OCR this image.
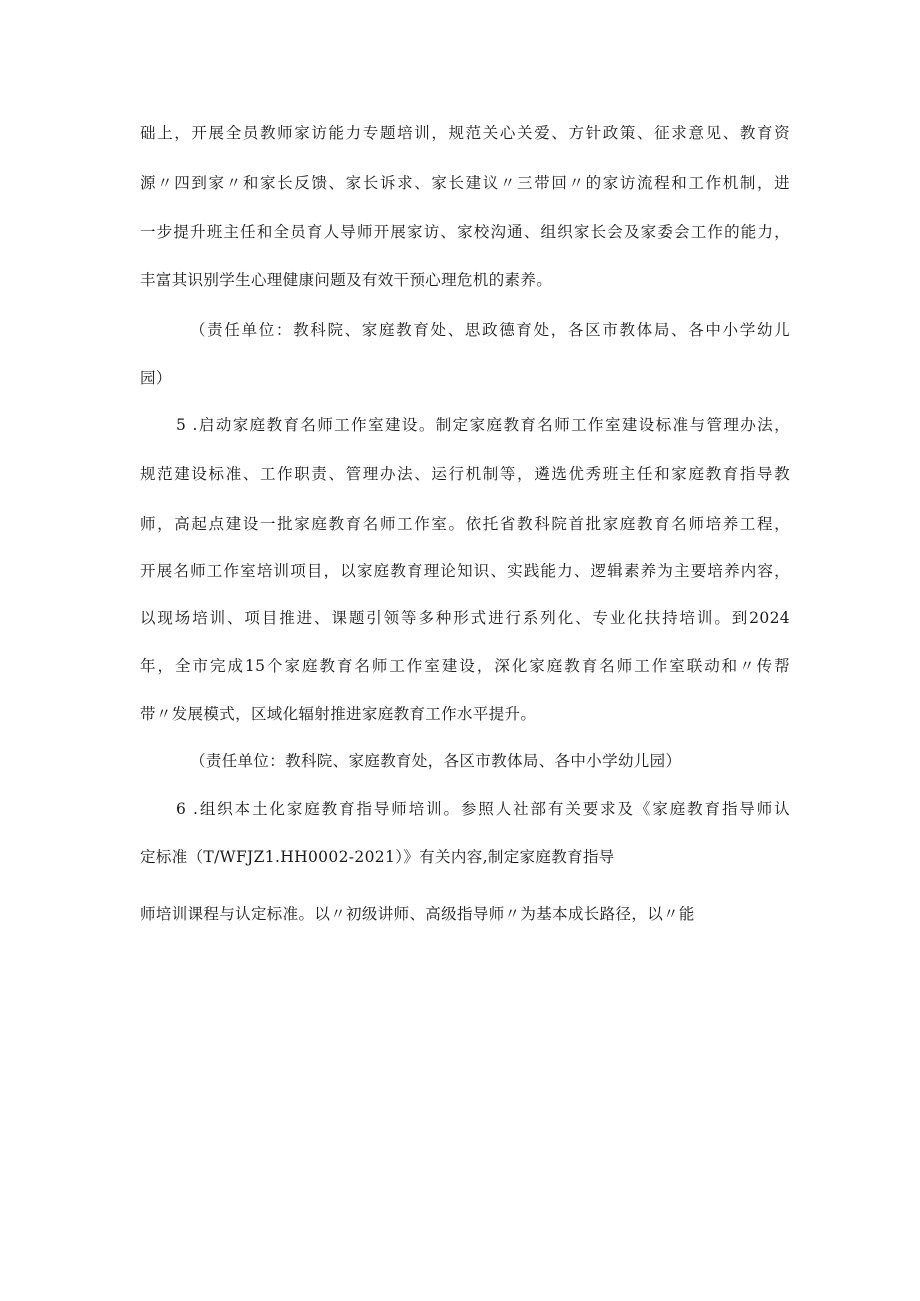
础上，开展全员教师家访能力专题培训，规范关心关爱、方针政策、征求意见、教育资
源〃四到家〃和家长反馈、家长诉求、家长建议〃三带回〃的家访流程和工作机制，进
一步提升班主任和全员育人导师开展家访、家校沟通、组织家长会及家委会工作的能力，
丰富其识别学生心理健康问题及有效干预心理危机的素养。
（责任单位：教科院、家庭教育处、思政德育处，各区市教体局、各中小学幼儿
园）
5 .启动家庭教育名师工作室建设。制定家庭教育名师工作室建设标准与管理办法，
规范建设标准、工作职责、管理办法、运行机制等，遴选优秀班主任和家庭教育指导教
师，高起点建设一批家庭教育名师工作室。依托省教科院首批家庭教育名师培养工程，
开展名师工作室培训项目，以家庭教育理论知识、实践能力、逻辑素养为主要培养内容，
以现场培训、项目推进、课题引领等多种形式进行系列化、专业化扶持培训。到2024
年，全市完成15个家庭教育名师工作室建设，深化家庭教育名师工作室联动和〃传帮
带〃发展模式，区域化辐射推进家庭教育工作水平提升。
（责任单位：教科院、家庭教育处，各区市教体局、各中小学幼儿园）
6 .组织本土化家庭教育指导师培训。参照人社部有关要求及《家庭教育指导师认
定标准（T/WFJZ1.HH0002-2021）》有关内容,制定家庭教育指导
师培训课程与认定标准。以〃初级讲师、高级指导师〃为基本成长路径，以〃能
